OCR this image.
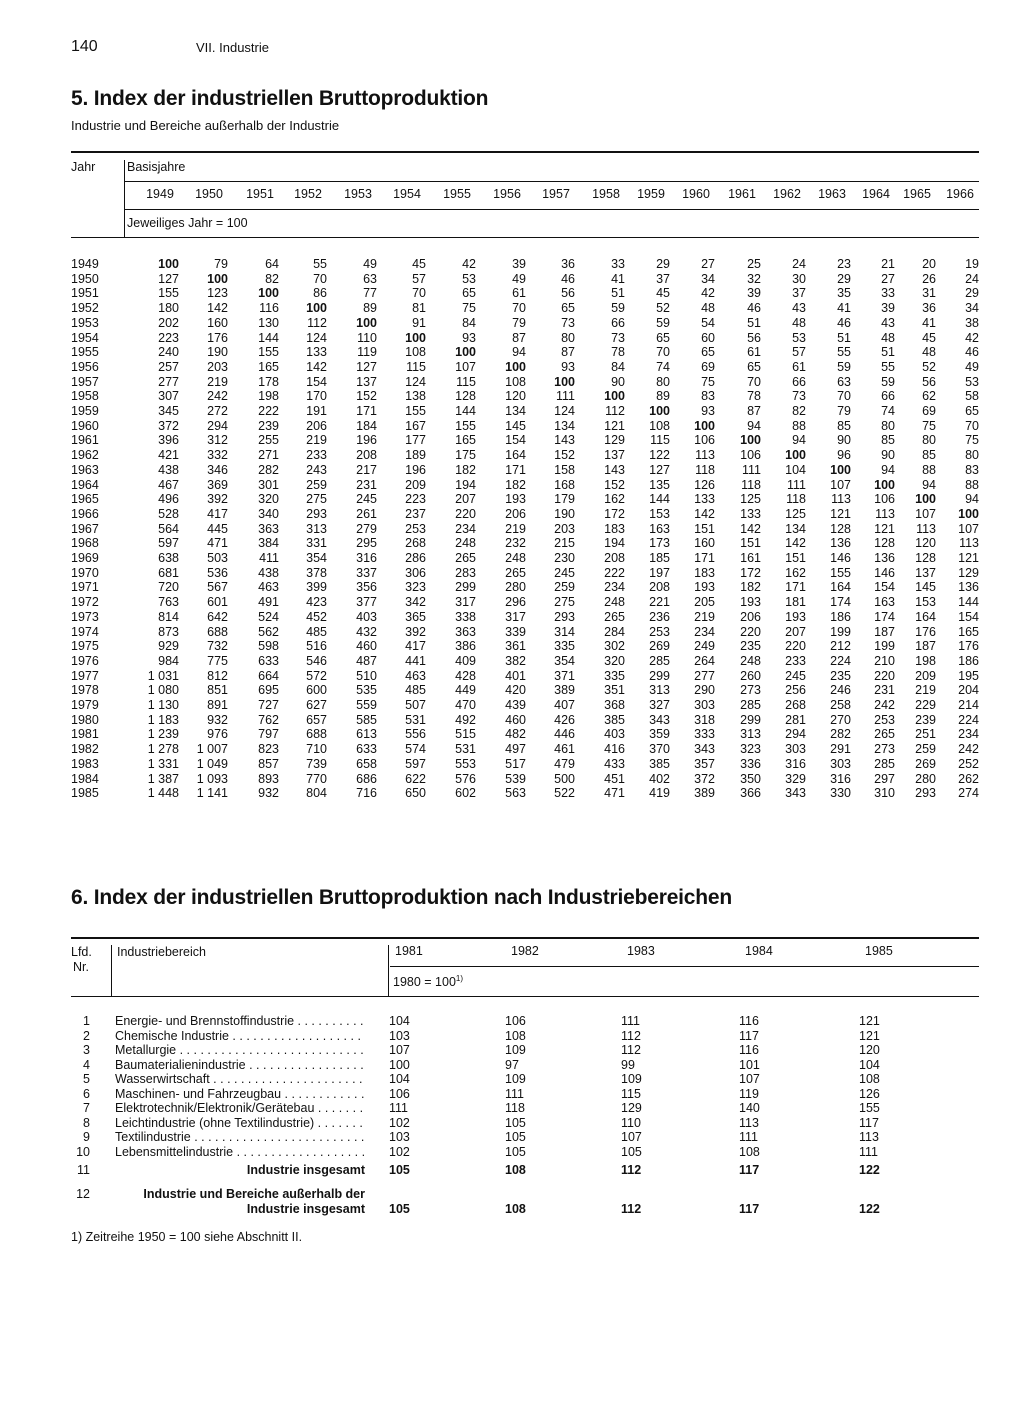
140	VII. Industrie
5. Index der industriellen Bruttoproduktion

Industrie und Bereiche außerhalb der Industrie

Jahr	Basisjahre
1949	1950	1951	1952	1953	1954	1955	1956	1957	1958	1959	1960	1961	1962	1963	1964	1965	1966
Jeweiliges Jahr = 100
1949	100	79	64	55	49	45	42	39	36	33	29	27	25	24	23	21	20	19
1950	127	100	82	70	63	57	53	49	46	41	37	34	32	30	29	27	26	24
1951	155	123	100	86	77	70	65	61	56	51	45	42	39	37	35	33	31	29
1952	180	142	116	100	89	81	75	70	65	59	52	48	46	43	41	39	36	34
1953	202	160	130	112	100	91	84	79	73	66	59	54	51	48	46	43	41	38
1954	223	176	144	124	110	100	93	87	80	73	65	60	56	53	51	48	45	42
1955	240	190	155	133	119	108	100	94	87	78	70	65	61	57	55	51	48	46
1956	257	203	165	142	127	115	107	100	93	84	74	69	65	61	59	55	52	49
1957	277	219	178	154	137	124	115	108	100	90	80	75	70	66	63	59	56	53
1958	307	242	198	170	152	138	128	120	111	100	89	83	78	73	70	66	62	58
1959	345	272	222	191	171	155	144	134	124	112	100	93	87	82	79	74	69	65
1960	372	294	239	206	184	167	155	145	134	121	108	100	94	88	85	80	75	70
1961	396	312	255	219	196	177	165	154	143	129	115	106	100	94	90	85	80	75
1962	421	332	271	233	208	189	175	164	152	137	122	113	106	100	96	90	85	80
1963	438	346	282	243	217	196	182	171	158	143	127	118	111	104	100	94	88	83
1964	467	369	301	259	231	209	194	182	168	152	135	126	118	111	107	100	94	88
1965	496	392	320	275	245	223	207	193	179	162	144	133	125	118	113	106	100	94
1966	528	417	340	293	261	237	220	206	190	172	153	142	133	125	121	113	107	100
1967	564	445	363	313	279	253	234	219	203	183	163	151	142	134	128	121	113	107
1968	597	471	384	331	295	268	248	232	215	194	173	160	151	142	136	128	120	113
1969	638	503	411	354	316	286	265	248	230	208	185	171	161	151	146	136	128	121
1970	681	536	438	378	337	306	283	265	245	222	197	183	172	162	155	146	137	129
1971	720	567	463	399	356	323	299	280	259	234	208	193	182	171	164	154	145	136
1972	763	601	491	423	377	342	317	296	275	248	221	205	193	181	174	163	153	144
1973	814	642	524	452	403	365	338	317	293	265	236	219	206	193	186	174	164	154
1974	873	688	562	485	432	392	363	339	314	284	253	234	220	207	199	187	176	165
1975	929	732	598	516	460	417	386	361	335	302	269	249	235	220	212	199	187	176
1976	984	775	633	546	487	441	409	382	354	320	285	264	248	233	224	210	198	186
1977	1 031	812	664	572	510	463	428	401	371	335	299	277	260	245	235	220	209	195
1978	1 080	851	695	600	535	485	449	420	389	351	313	290	273	256	246	231	219	204
1979	1 130	891	727	627	559	507	470	439	407	368	327	303	285	268	258	242	229	214
1980	1 183	932	762	657	585	531	492	460	426	385	343	318	299	281	270	253	239	224
1981	1 239	976	797	688	613	556	515	482	446	403	359	333	313	294	282	265	251	234
1982	1 278	1 007	823	710	633	574	531	497	461	416	370	343	323	303	291	273	259	242
1983	1 331	1 049	857	739	658	597	553	517	479	433	385	357	336	316	303	285	269	252
1984	1 387	1 093	893	770	686	622	576	539	500	451	402	372	350	329	316	297	280	262
1985	1 448	1 141	932	804	716	650	602	563	522	471	419	389	366	343	330	310	293	274
6. Index der industriellen Bruttoproduktion nach Industriebereichen
Lfd.
Nr.
Industriebereich	1981	1982	1983	1984	1985
$1980 = 100^{1)}$
1 Energie- und Brennstoffindustrie . . .	104	106	111	116	121
2 Chemische Industrie . . .	103	108	112	117	121
3 Metallurgie . . .	107	109	112	116	120
4 Baumaterialienindustrie . . .	100	97	99	101	104
5 Wasserwirtschaft . . .	104	109	109	107	108
6 Maschinen- und Fahrzeugbau . . .	106	111	115	119	126
7 Elektrotechnik/Elektronik/Gerätebau . . .	111	118	129	140	155
8 Leichtindustrie (ohne Textilindustrie) . . .	102	105	110	113	117
9 Textilindustrie . . .	103	105	107	111	113
10 Lebensmittelindustrie . . .	102	105	105	108	111
11	Industrie insgesamt 105	108	112	117	122
12	Industrie und Bereiche außerhalb der
Industrie insgesamt 105	108	112	117	122
1) Zeitreihe 1950 = 100 siehe Abschnitt II.
